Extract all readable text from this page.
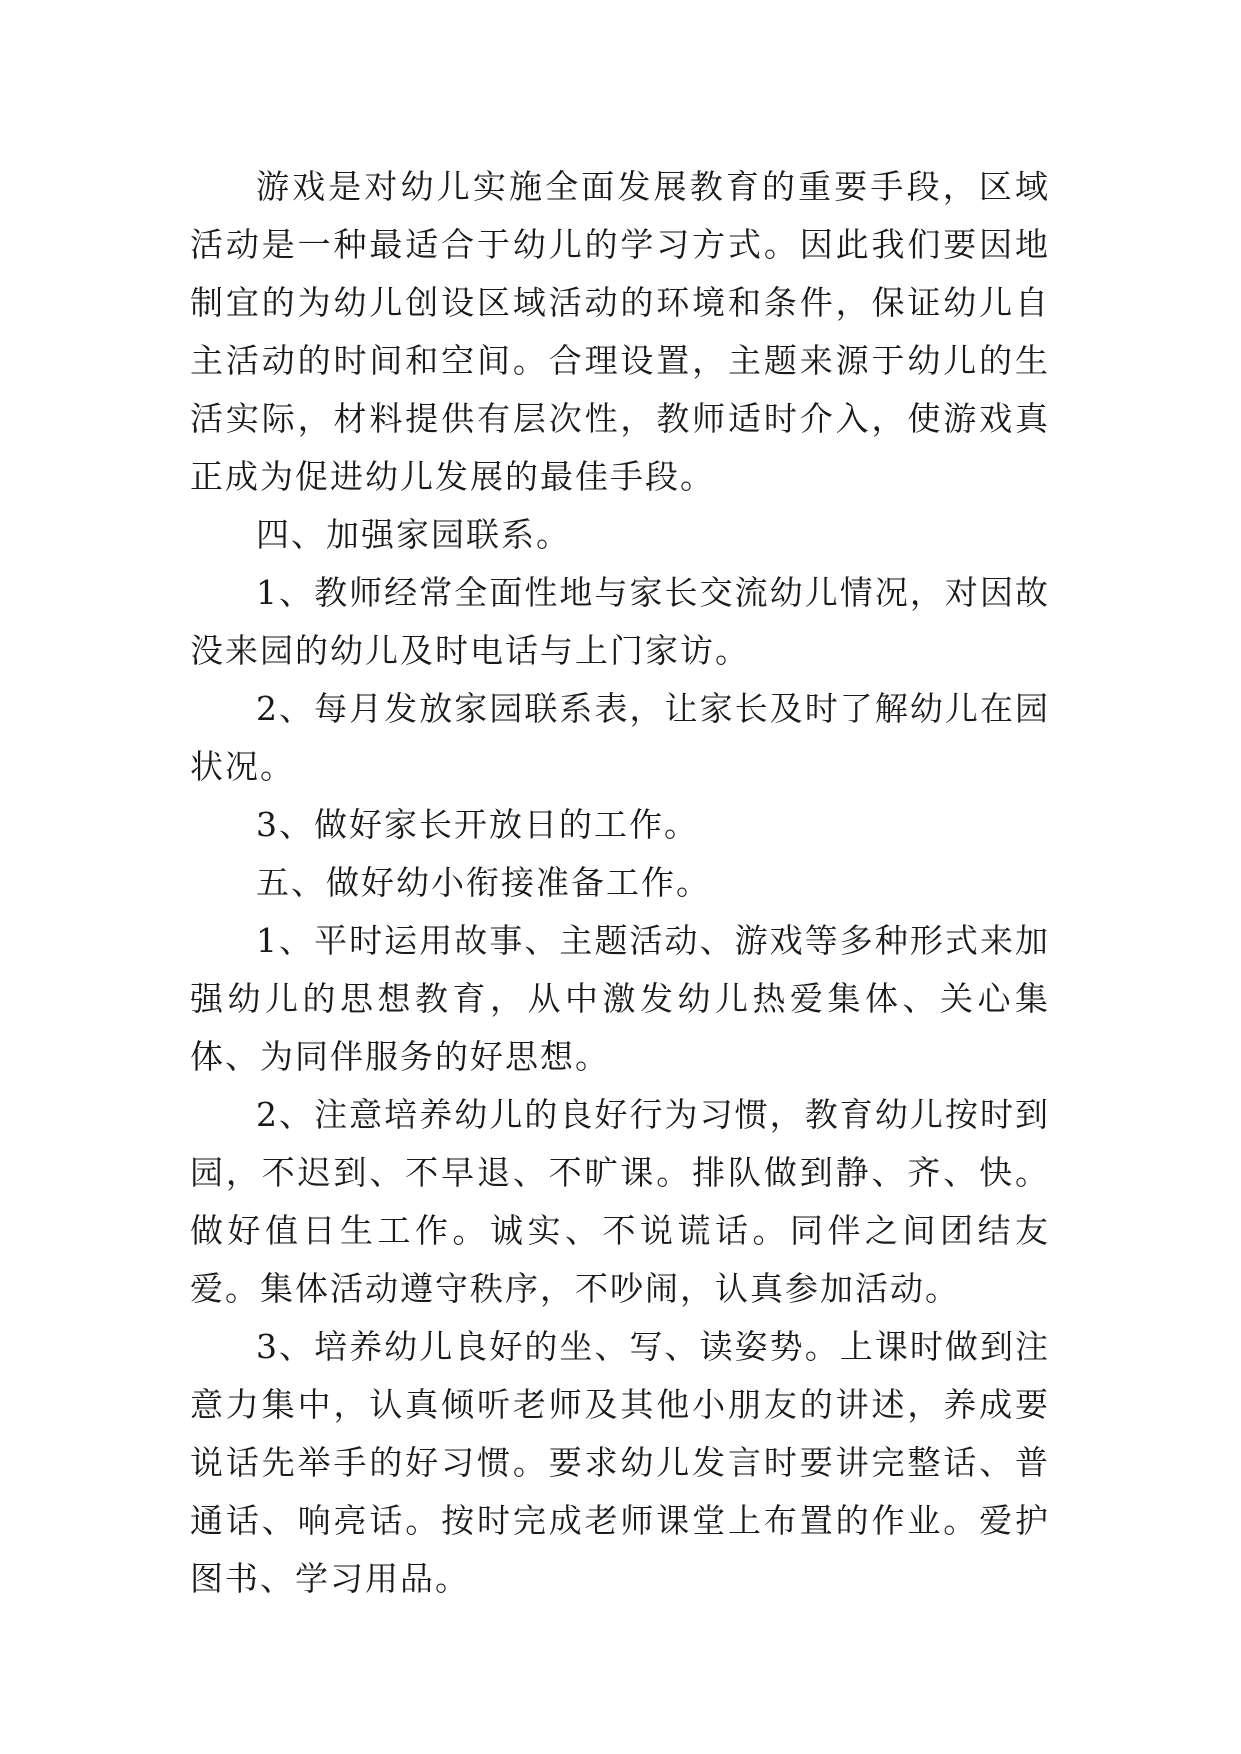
游戏是对幼儿实施全面发展教育的重要手段，区域活动是一种最适合于幼儿的学习方式。因此我们要因地制宜的为幼儿创设区域活动的环境和条件，保证幼儿自主活动的时间和空间。合理设置，主题来源于幼儿的生活实际，材料提供有层次性，教师适时介入，使游戏真正成为促进幼儿发展的最佳手段。

四、加强家园联系。

1、教师经常全面性地与家长交流幼儿情况，对因故没来园的幼儿及时电话与上门家访。

2、每月发放家园联系表，让家长及时了解幼儿在园状况。

3、做好家长开放日的工作。

五、做好幼小衔接准备工作。

1、平时运用故事、主题活动、游戏等多种形式来加强幼儿的思想教育，从中激发幼儿热爱集体、关心集体、为同伴服务的好思想。

2、注意培养幼儿的良好行为习惯，教育幼儿按时到园，不迟到、不早退、不旷课。排队做到静、齐、快。做好值日生工作。诚实、不说谎话。同伴之间团结友爱。集体活动遵守秩序，不吵闹，认真参加活动。

3、培养幼儿良好的坐、写、读姿势。上课时做到注意力集中，认真倾听老师及其他小朋友的讲述，养成要说话先举手的好习惯。要求幼儿发言时要讲完整话、普通话、响亮话。按时完成老师课堂上布置的作业。爱护图书、学习用品。
